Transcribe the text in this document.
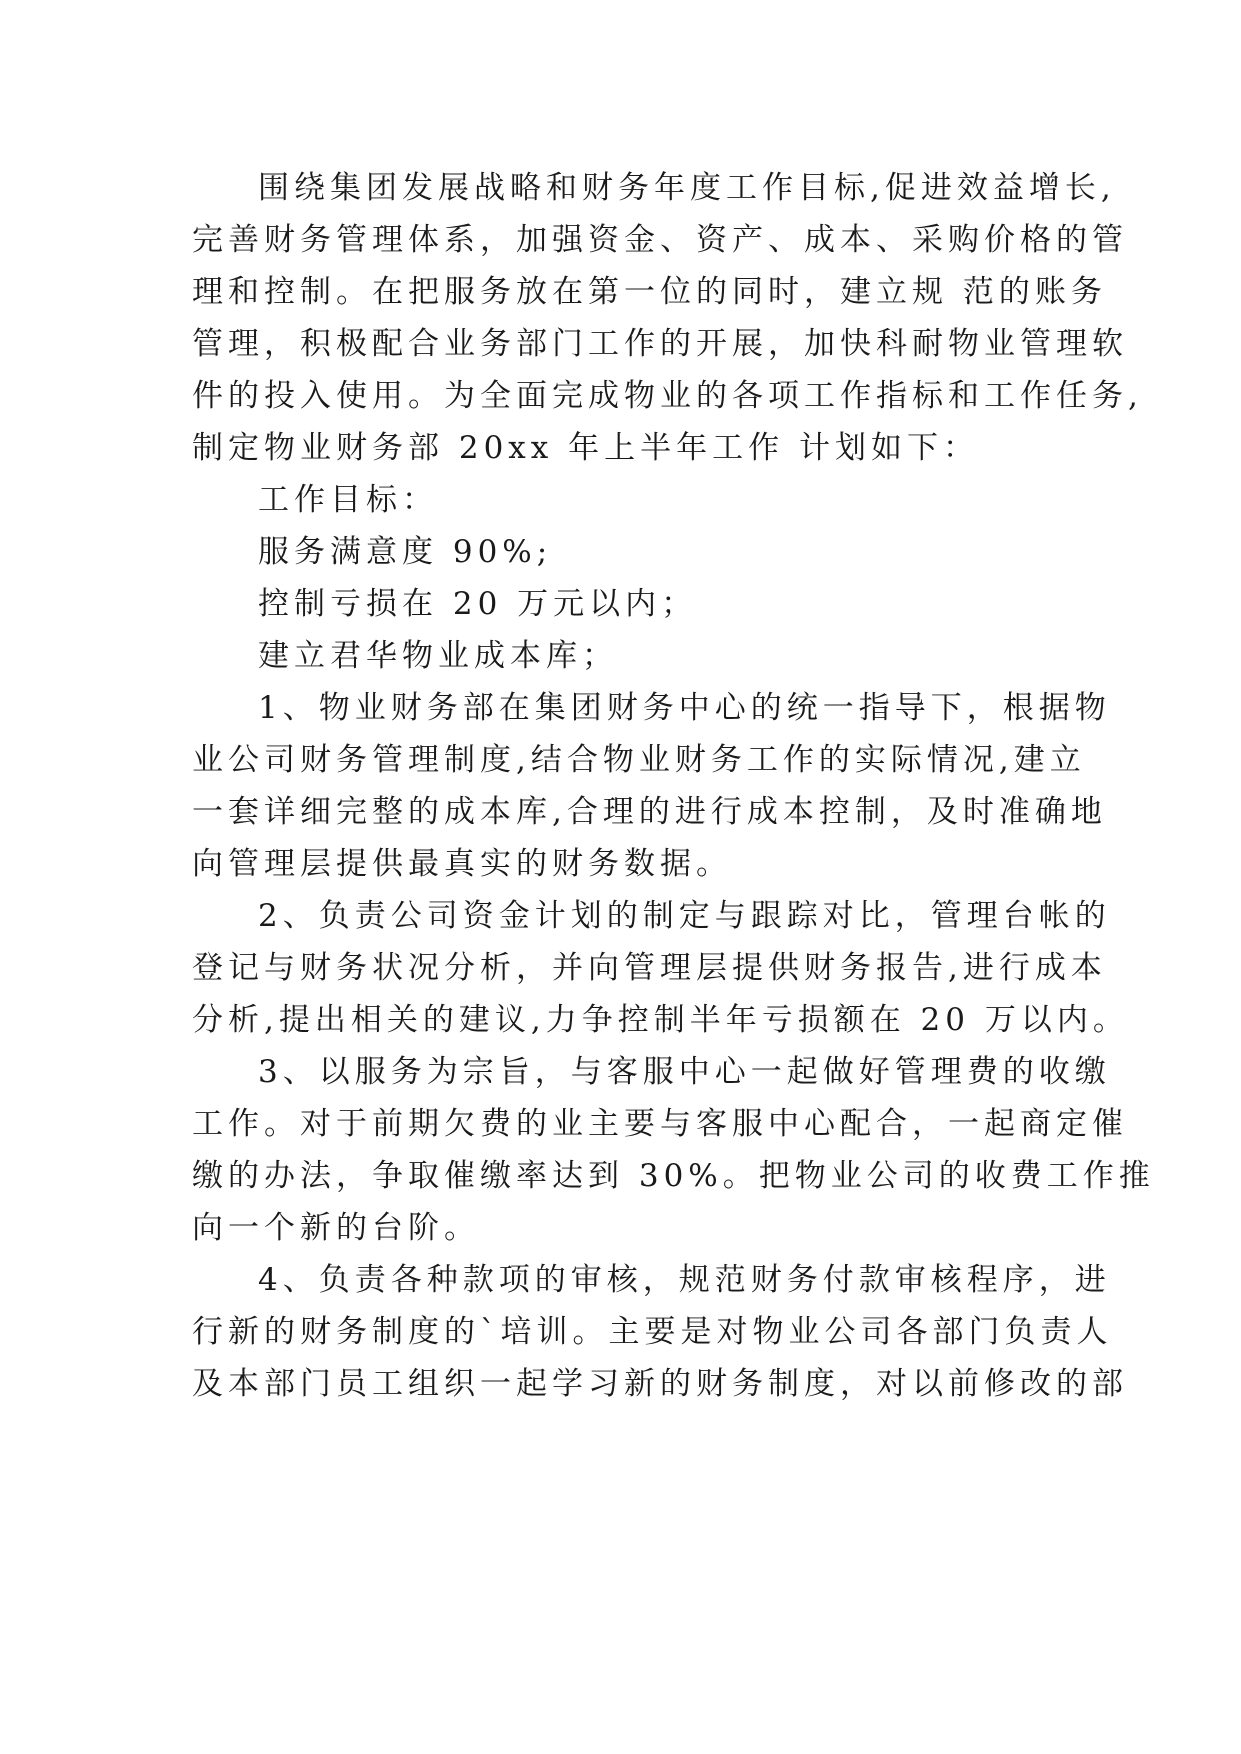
围绕集团发展战略和财务年度工作目标,促进效益增长,
完善财务管理体系，加强资金、资产、成本、采购价格的管
理和控制。在把服务放在第一位的同时，建立规 范的账务
管理，积极配合业务部门工作的开展，加快科耐物业管理软
件的投入使用。为全面完成物业的各项工作指标和工作任务,
制定物业财务部 20xx 年上半年工作 计划如下：
工作目标：
服务满意度 90%;
控制亏损在 20 万元以内；
建立君华物业成本库；
1、物业财务部在集团财务中心的统一指导下，根据物
业公司财务管理制度,结合物业财务工作的实际情况,建立
一套详细完整的成本库,合理的进行成本控制，及时准确地
向管理层提供最真实的财务数据。
2、负责公司资金计划的制定与跟踪对比，管理台帐的
登记与财务状况分析，并向管理层提供财务报告,进行成本
分析,提出相关的建议,力争控制半年亏损额在 20 万以内。
3、以服务为宗旨，与客服中心一起做好管理费的收缴
工作。对于前期欠费的业主要与客服中心配合，一起商定催
缴的办法，争取催缴率达到 30%。把物业公司的收费工作推
向一个新的台阶。
4、负责各种款项的审核，规范财务付款审核程序，进
行新的财务制度的`培训。主要是对物业公司各部门负责人
及本部门员工组织一起学习新的财务制度，对以前修改的部
